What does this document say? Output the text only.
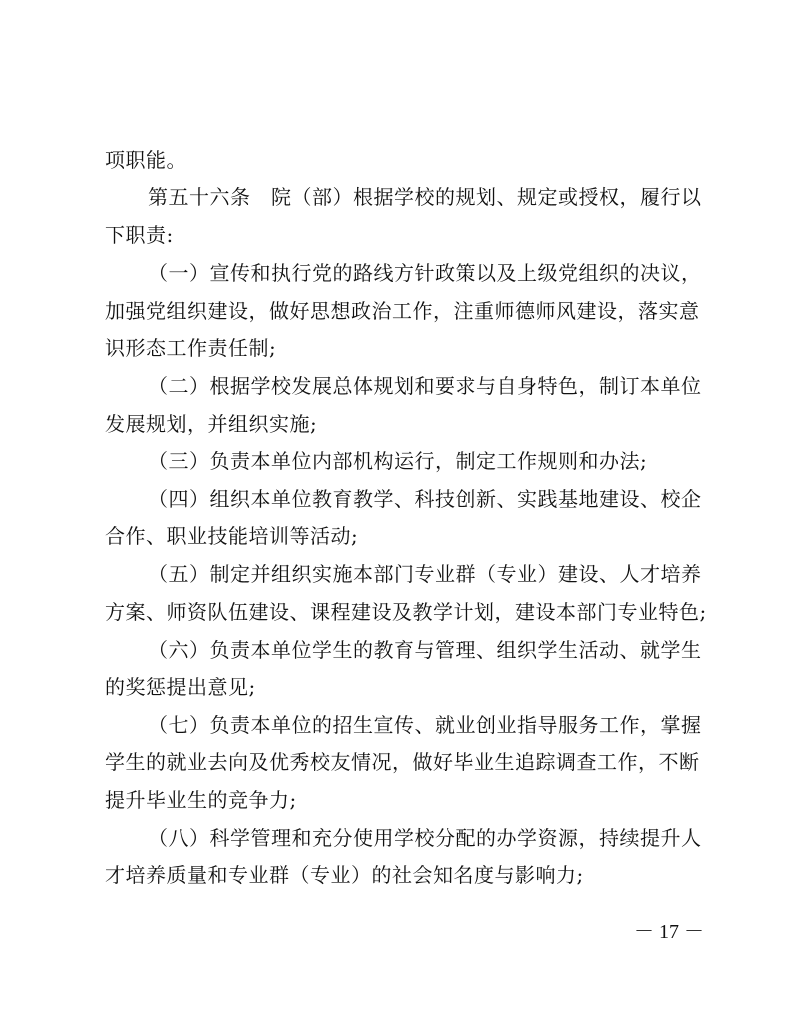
项职能。
第五十六条　院（部）根据学校的规划、规定或授权，履行以
下职责:
（一）宣传和执行党的路线方针政策以及上级党组织的决议，
加强党组织建设，做好思想政治工作，注重师德师风建设，落实意
识形态工作责任制;
（二）根据学校发展总体规划和要求与自身特色，制订本单位
发展规划，并组织实施;
（三）负责本单位内部机构运行，制定工作规则和办法;
（四）组织本单位教育教学、科技创新、实践基地建设、校企
合作、职业技能培训等活动;
（五）制定并组织实施本部门专业群（专业）建设、人才培养
方案、师资队伍建设、课程建设及教学计划，建设本部门专业特色;
（六）负责本单位学生的教育与管理、组织学生活动、就学生
的奖惩提出意见;
（七）负责本单位的招生宣传、就业创业指导服务工作，掌握
学生的就业去向及优秀校友情况，做好毕业生追踪调查工作，不断
提升毕业生的竞争力;
（八）科学管理和充分使用学校分配的办学资源，持续提升人
才培养质量和专业群（专业）的社会知名度与影响力;
－ 17 －
